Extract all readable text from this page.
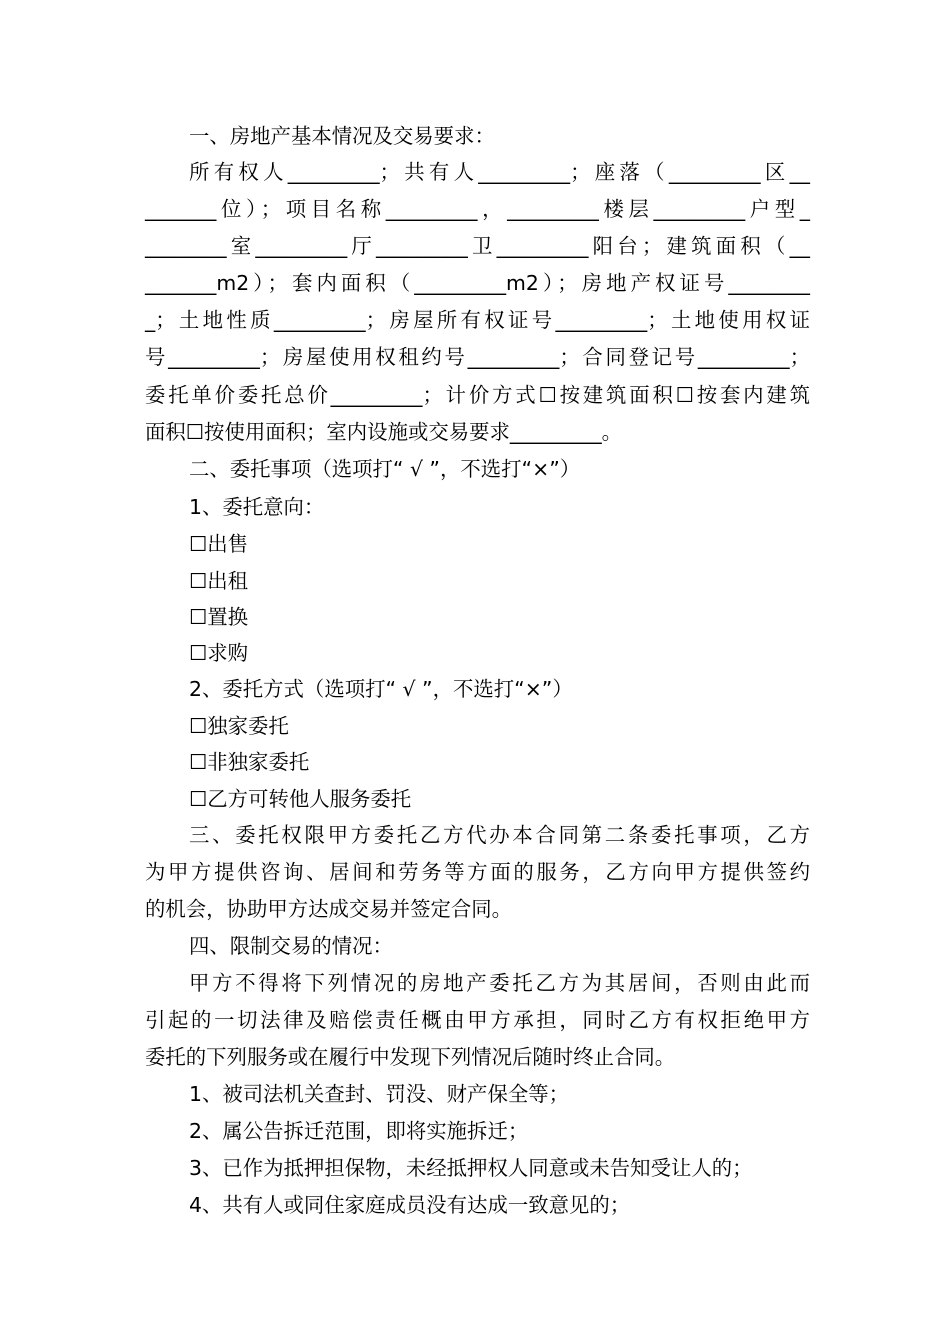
一、房地产基本情况及交易要求：
所有权人_________；共有人_________；座落（_________区__
_______位）；项目名称_________，_________楼层_________户型_
________室_________厅_________卫_________阳台；建筑面积（__
_______m2）；套内面积（_________m2）；房地产权证号________
_；土地性质_________；房屋所有权证号_________；土地使用权证
号_________；房屋使用权租约号_________；合同登记号_________；
委托单价委托总价_________；计价方式☐按建筑面积☐按套内建筑
面积☐按使用面积；室内设施或交易要求_________。
二、委托事项（选项打“ √ ”，不选打“×”）
1、委托意向：
☐出售
☐出租
☐置换
☐求购
2、委托方式（选项打“ √ ”，不选打“×”）
☐独家委托
☐非独家委托
☐乙方可转他人服务委托
三、委托权限甲方委托乙方代办本合同第二条委托事项，乙方
为甲方提供咨询、居间和劳务等方面的服务，乙方向甲方提供签约
的机会，协助甲方达成交易并签定合同。
四、限制交易的情况：
甲方不得将下列情况的房地产委托乙方为其居间，否则由此而
引起的一切法律及赔偿责任概由甲方承担，同时乙方有权拒绝甲方
委托的下列服务或在履行中发现下列情况后随时终止合同。
1、被司法机关查封、罚没、财产保全等；
2、属公告拆迁范围，即将实施拆迁；
3、已作为抵押担保物，未经抵押权人同意或未告知受让人的；
4、共有人或同住家庭成员没有达成一致意见的；
